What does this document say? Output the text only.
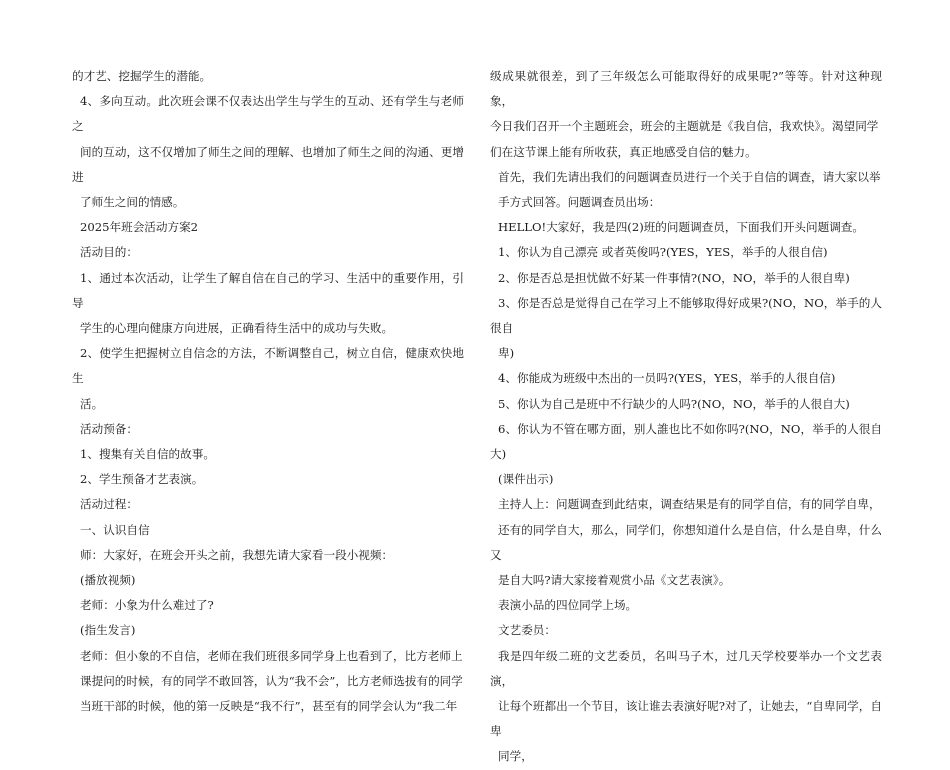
的才艺、挖掘学生的潜能。

4、多向互动。此次班会课不仅表达出学生与学生的互动、还有学生与老师之
间的互动，这不仅增加了师生之间的理解、也增加了师生之间的沟通、更增进
了师生之间的情感。

2025年班会活动方案2

活动目的：

1、通过本次活动，让学生了解自信在自己的学习、生活中的重要作用，引导
学生的心理向健康方向进展，正确看待生活中的成功与失败。

2、使学生把握树立自信念的方法，不断调整自己，树立自信，健康欢快地生
活。

活动预备：

1、搜集有关自信的故事。

2、学生预备才艺表演。

活动过程：

一、认识自信

师：大家好，在班会开头之前，我想先请大家看一段小视频：

(播放视频)

老师：小象为什么难过了?

(指生发言)

老师：但小象的不自信，老师在我们班很多同学身上也看到了，比方老师上
课提问的时候，有的同学不敢回答，认为“我不会”，比方老师选拔有的同学
当班干部的时候，他的第一反映是“我不行”，甚至有的同学会认为“我二年

级成果就很差，到了三年级怎么可能取得好的成果呢?”等等。针对这种现象，
今日我们召开一个主题班会，班会的主题就是《我自信，我欢快》。渴望同学
们在这节课上能有所收获，真正地感受自信的魅力。

首先，我们先请出我们的问题调查员进行一个关于自信的调查，请大家以举
手方式回答。问题调查员出场：

HELLO!大家好，我是四(2)班的问题调查员，下面我们开头问题调查。

1、你认为自己漂亮 或者英俊吗?(YES，YES，举手的人很自信)

2、你是否总是担忧做不好某一件事情?(NO，NO，举手的人很自卑)

3、你是否总是觉得自己在学习上不能够取得好成果?(NO，NO，举手的人很自
卑)

4、你能成为班级中杰出的一员吗?(YES，YES，举手的人很自信)

5、你认为自己是班中不行缺少的人吗?(NO，NO，举手的人很自大)

6、你认为不管在哪方面，别人誰也比不如你吗?(NO，NO，举手的人很自大)

(课件出示)

主持人上：问题调查到此结束，调查结果是有的同学自信，有的同学自卑，
还有的同学自大，那么，同学们，你想知道什么是自信，什么是自卑，什么又
是自大吗?请大家接着观赏小品《文艺表演》。

表演小品的四位同学上场。

文艺委员：

我是四年级二班的文艺委员，名叫马子木，过几天学校要举办一个文艺表演，
让每个班都出一个节目，该让谁去表演好呢?对了，让她去，“自卑同学，自卑
同学，
